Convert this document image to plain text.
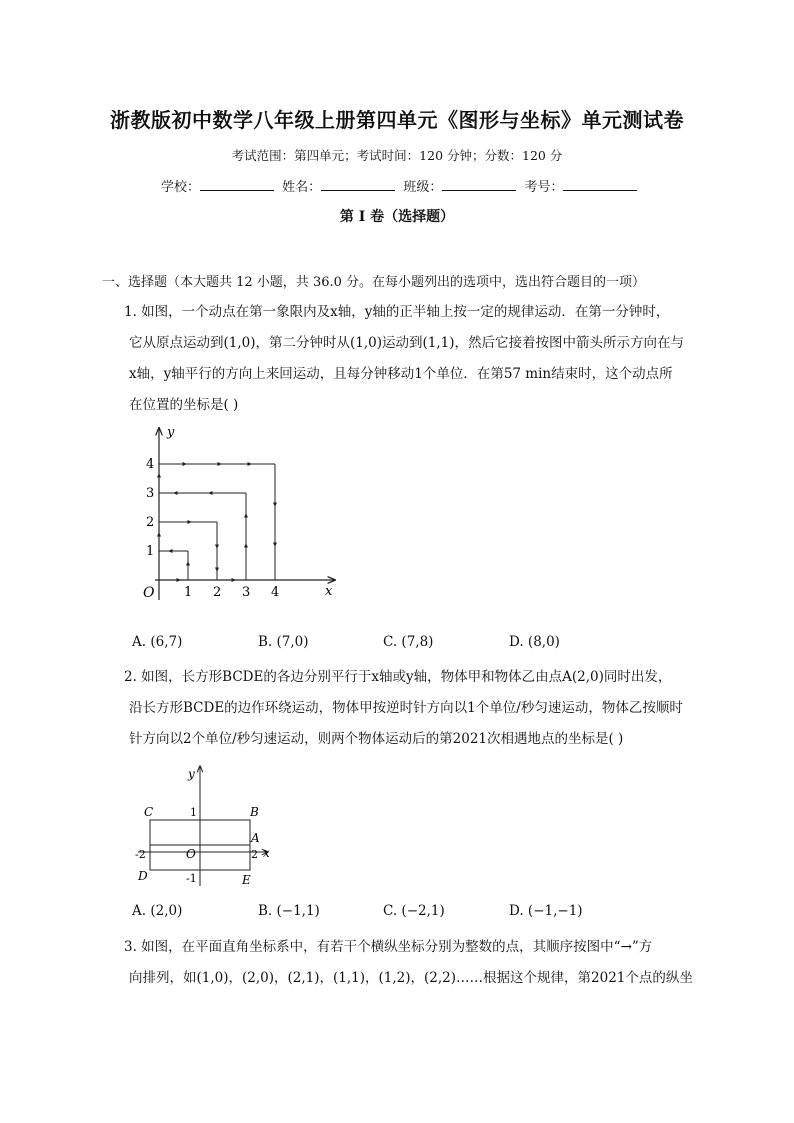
浙教版初中数学八年级上册第四单元《图形与坐标》单元测试卷
考试范围：第四单元；考试时间：120 分钟；分数：120 分
学校：	姓名：	班级：	考号：
第 I 卷（选择题）
一、选择题（本大题共 12 小题，共 36.0 分。在每小题列出的选项中，选出符合题目的一项）
1. 如图，一个动点在第一象限内及x轴，y轴的正半轴上按一定的规律运动．在第一分钟时，
它从原点运动到(1,0)，第二分钟时从(1,0)运动到(1,1)，然后它接着按图中箭头所示方向在与
x轴，y轴平行的方向上来回运动，且每分钟移动1个单位．在第57 min结束时，这个动点所
在位置的坐标是( )
y
x
O 1 2 3 4
1
2
3
4
A. (6,7)	B. (7,0)	C. (7,8)	D. (8,0)
2. 如图，长方形BCDE的各边分别平行于x轴或y轴，物体甲和物体乙由点A(2,0)同时出发，
沿长方形BCDE的边作环绕运动，物体甲按逆时针方向以1个单位/秒匀速运动，物体乙按顺时
针方向以2个单位/秒匀速运动，则两个物体运动后的第2021次相遇地点的坐标是( )
y
x
O
C	B
D	E
A
1
-1
-2	2
A. (2,0)	B. (−1,1)	C. (−2,1)	D. (−1,−1)
3. 如图，在平面直角坐标系中，有若干个横纵坐标分别为整数的点，其顺序按图中“→”方
向排列，如(1,0)，(2,0)，(2,1)，(1,1)，(1,2)，(2,2)……根据这个规律，第2021个点的纵坐
